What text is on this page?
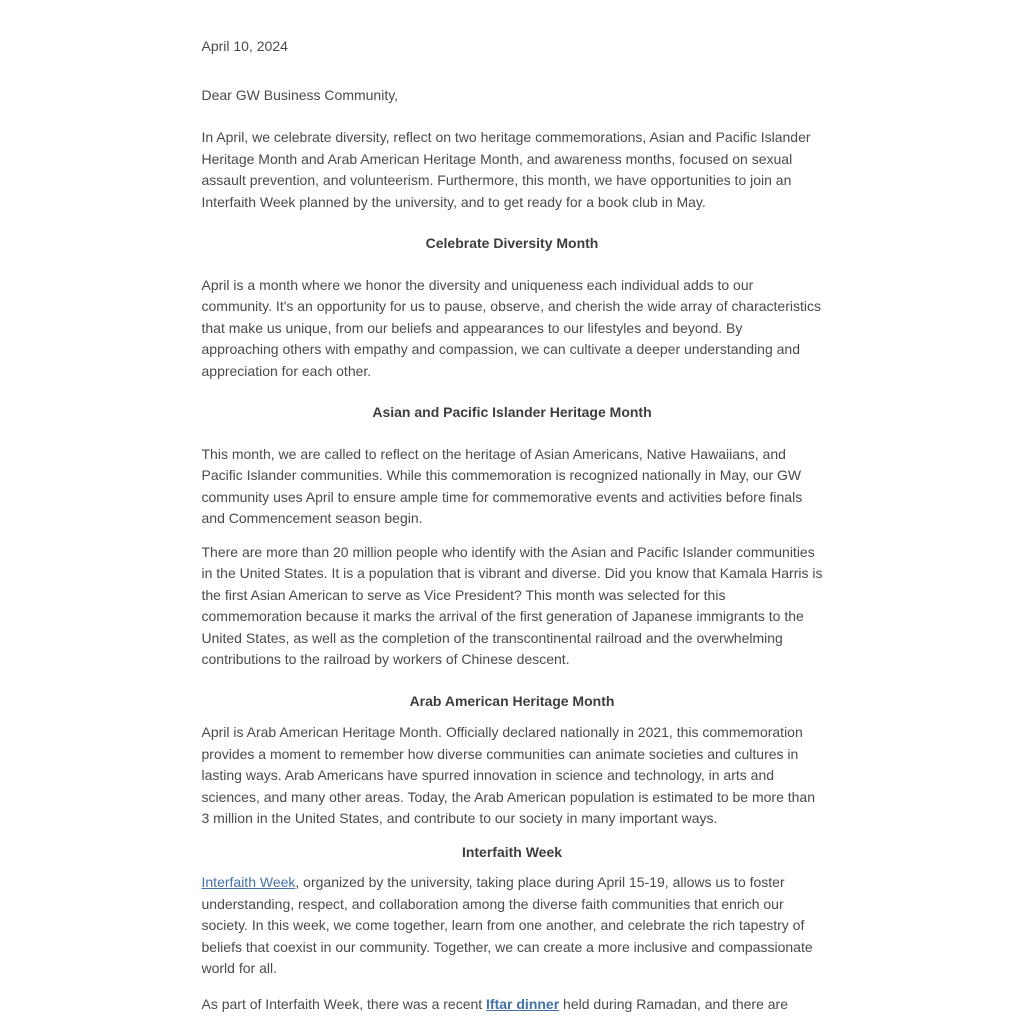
April 10, 2024

Dear GW Business Community,

In April, we celebrate diversity, reflect on two heritage commemorations, Asian and Pacific Islander Heritage Month and Arab American Heritage Month, and awareness months, focused on sexual assault prevention, and volunteerism. Furthermore, this month, we have opportunities to join an Interfaith Week planned by the university, and to get ready for a book club in May.

Celebrate Diversity Month

April is a month where we honor the diversity and uniqueness each individual adds to our community. It's an opportunity for us to pause, observe, and cherish the wide array of characteristics that make us unique, from our beliefs and appearances to our lifestyles and beyond. By approaching others with empathy and compassion, we can cultivate a deeper understanding and appreciation for each other.

Asian and Pacific Islander Heritage Month

This month, we are called to reflect on the heritage of Asian Americans, Native Hawaiians, and Pacific Islander communities. While this commemoration is recognized nationally in May, our GW community uses April to ensure ample time for commemorative events and activities before finals and Commencement season begin.

There are more than 20 million people who identify with the Asian and Pacific Islander communities in the United States. It is a population that is vibrant and diverse. Did you know that Kamala Harris is the first Asian American to serve as Vice President? This month was selected for this commemoration because it marks the arrival of the first generation of Japanese immigrants to the United States, as well as the completion of the transcontinental railroad and the overwhelming contributions to the railroad by workers of Chinese descent.

Arab American Heritage Month

April is Arab American Heritage Month. Officially declared nationally in 2021, this commemoration provides a moment to remember how diverse communities can animate societies and cultures in lasting ways. Arab Americans have spurred innovation in science and technology, in arts and sciences, and many other areas. Today, the Arab American population is estimated to be more than 3 million in the United States, and contribute to our society in many important ways.

Interfaith Week

Interfaith Week, organized by the university, taking place during April 15-19, allows us to foster understanding, respect, and collaboration among the diverse faith communities that enrich our society. In this week, we come together, learn from one another, and celebrate the rich tapestry of beliefs that coexist in our community. Together, we can create a more inclusive and compassionate world for all.

As part of Interfaith Week, there was a recent Iftar dinner held during Ramadan, and there are
